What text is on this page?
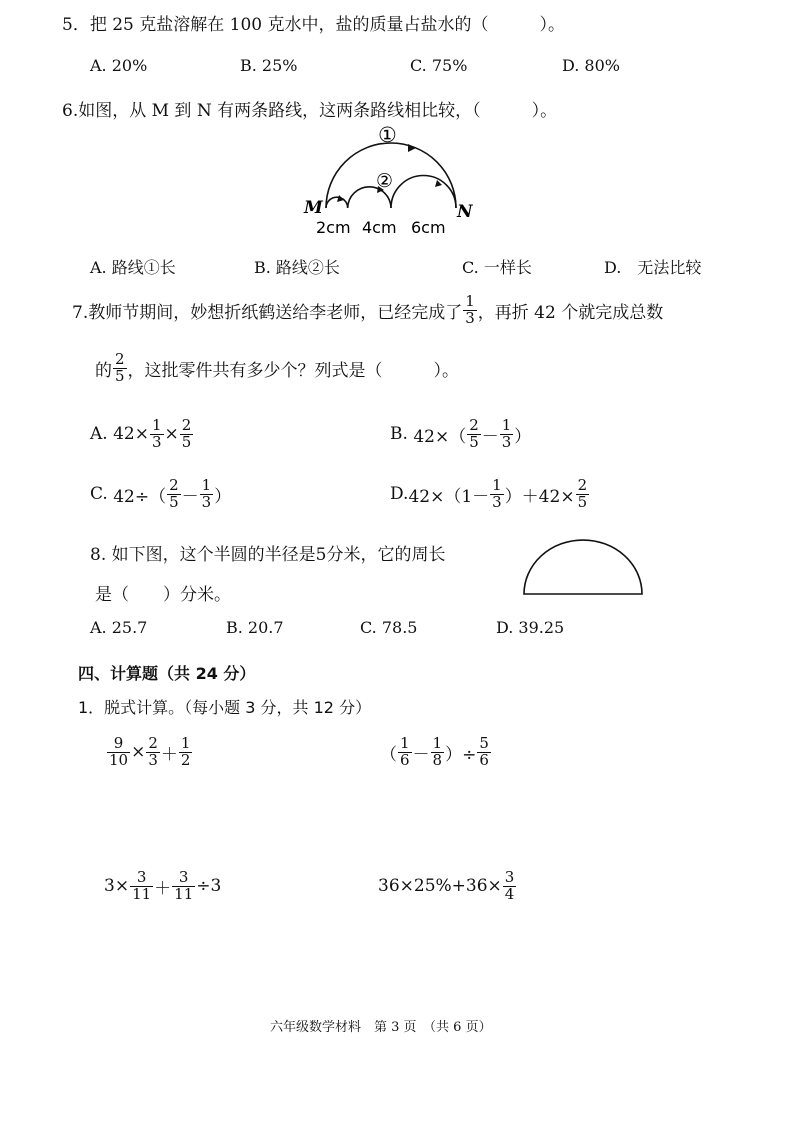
5．把 25 克盐溶解在 100 克水中，盐的质量占盐水的（　　　）。
A. 20%	B. 25%	C. 75%	D. 80%
6.如图，从 M 到 N 有两条路线，这两条路线相比较，（　　　）。
①
②
M	N
2cm 4cm 6cm
A. 路线①长	B. 路线②长	C. 一样长	D.　无法比较
7.教师节期间，妙想折纸鹤送给李老师，已经完成了 $\frac{1}{3}$ ，再折 42 个就完成总数
的 $\frac{2}{5}$ ，这批零件共有多少个？列式是（　　　）。
A.
$42\times \frac{1}{3} \times \frac{2}{5}$	B.
$42\times( \frac{2}{5} - \frac{1}{3}$ ）
C.
$42\div( \frac{2}{5} - \frac{1}{3}$ ）	D. $42\times(1- \frac{1}{3} )+42\times \frac{2}{5}$
8. 如下图，这个半圆的半径是5分米，它的周长
是（　　）分米。
A. 25.7	B. 20.7	C. 78.5	D. 39.25
四、计算题（共 24 分）
1．脱式计算。（每小题 3 分，共 12 分）
$\frac{9}{10} \times \frac{2}{3} + \frac{1}{2}$	（ $\frac{1}{6} - \frac{1}{8}$ ）÷ $\frac{5}{6}$
$3\times \frac{3}{11} + \frac{3}{11} \div 3$	$36\times 25\%+36\times \frac{3}{4}$
六年级数学材料　第 3 页　（共 6 页）
